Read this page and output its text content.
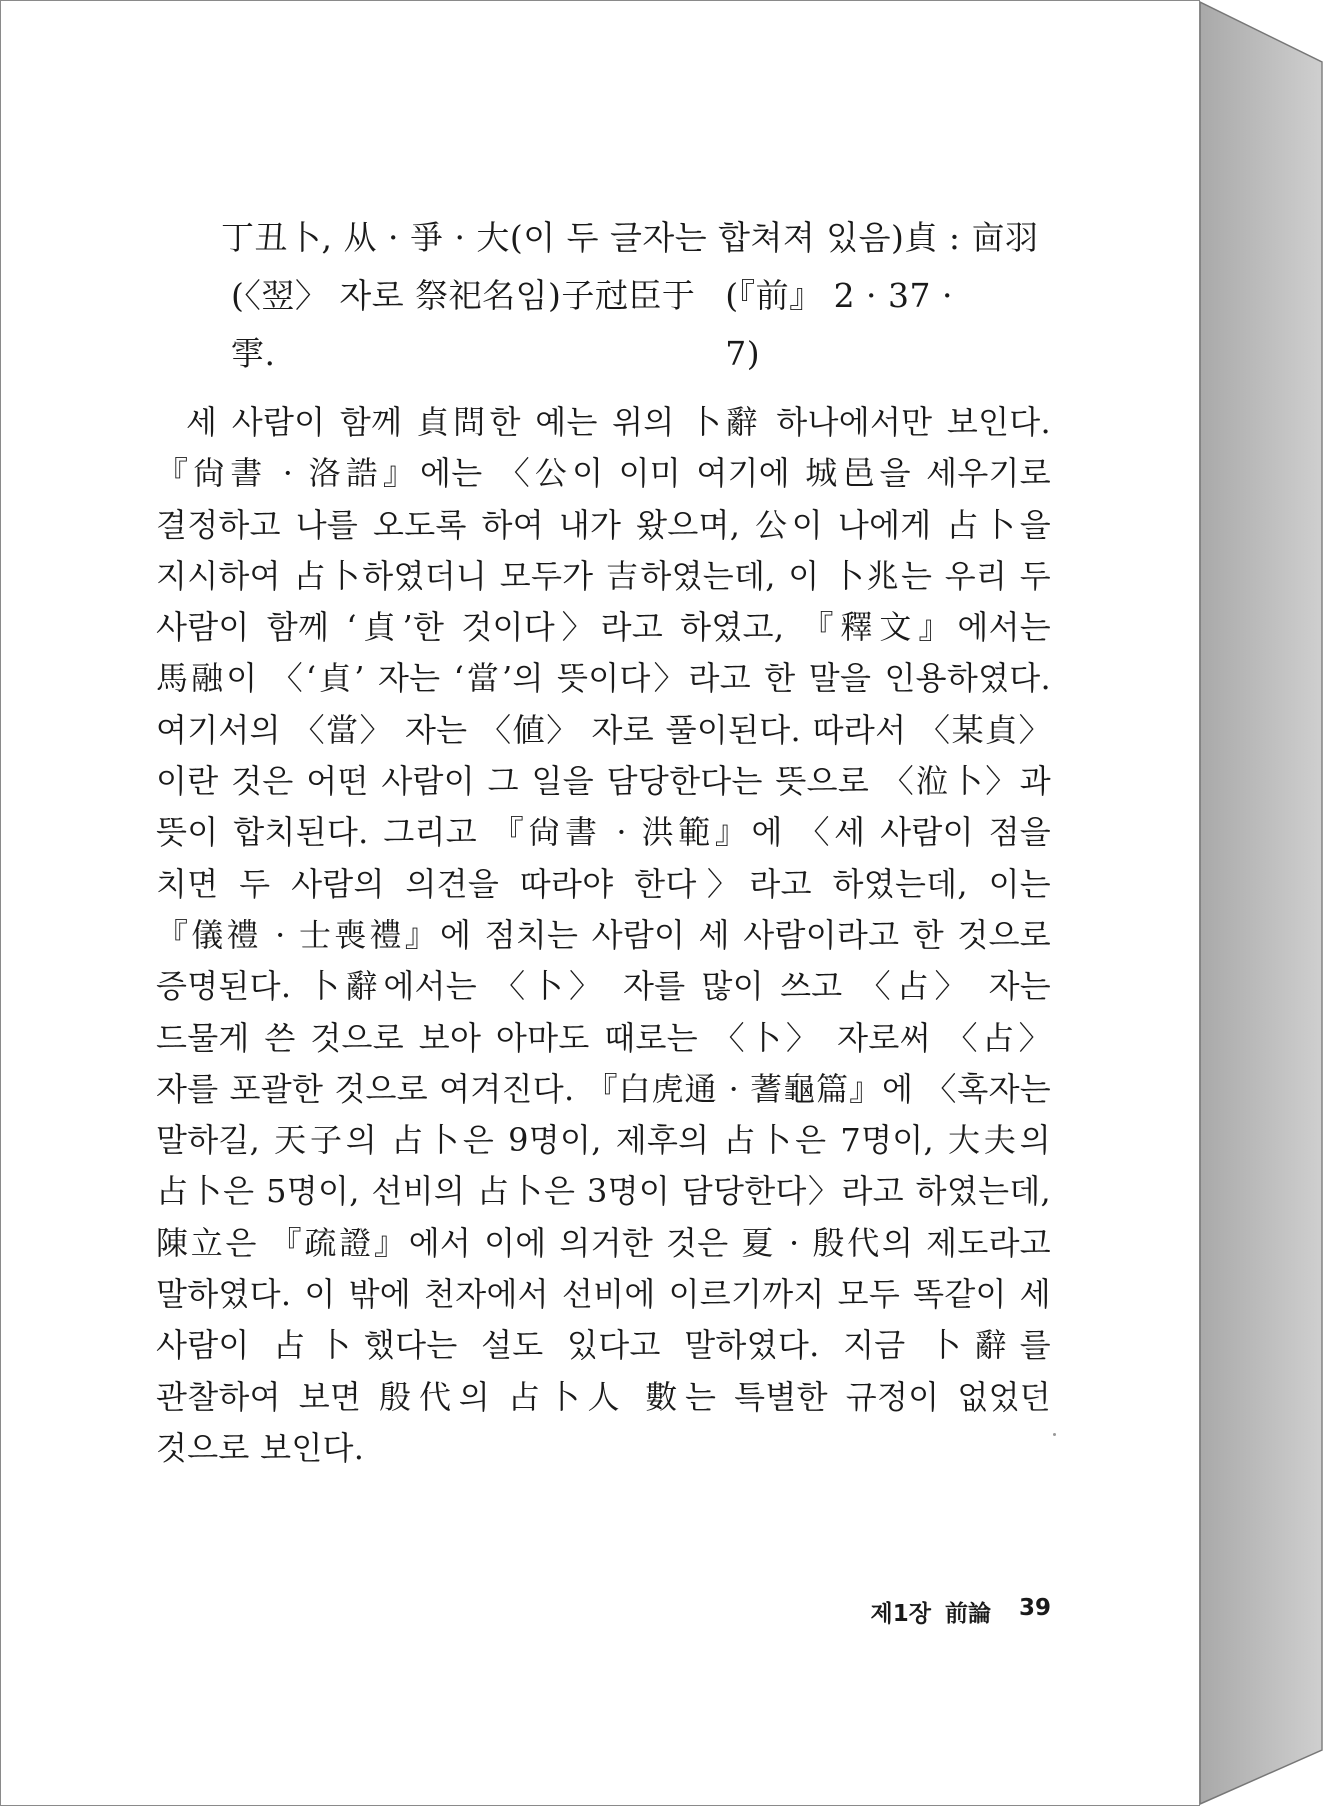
丁丑卜, 从 · 爭 · 大(이 두 글자는 합쳐져 있음)貞 : 㐭羽
(〈翌〉 자로 祭祀名임)子㝴臣于𩁹.
(『前』 2 · 37 · 7)

세 사람이 함께 貞問한 예는 위의 卜辭 하나에서만 보인다. 『尙書 · 洛誥』에는 〈公이 이미 여기에 城邑을 세우기로 결정하고 나를 오도록 하여 내가 왔으며, 公이 나에게 占卜을 지시하여 占卜하였더니 모두가 吉하였는데, 이 卜兆는 우리 두 사람이 함께 ‘貞’한 것이다〉라고 하였고, 『釋文』에서는 馬融이 〈‘貞’ 자는 ‘當’의 뜻이다〉라고 한 말을 인용하였다. 여기서의 〈當〉 자는 〈値〉 자로 풀이된다. 따라서 〈某貞〉이란 것은 어떤 사람이 그 일을 담당한다는 뜻으로 〈涖卜〉과 뜻이 합치된다. 그리고 『尙書 · 洪範』에 〈세 사람이 점을 치면 두 사람의 의견을 따라야 한다〉라고 하였는데, 이는 『儀禮 · 士喪禮』에 점치는 사람이 세 사람이라고 한 것으로 증명된다. 卜辭에서는 〈卜〉 자를 많이 쓰고 〈占〉 자는 드물게 쓴 것으로 보아 아마도 때로는 〈卜〉 자로써 〈占〉 자를 포괄한 것으로 여겨진다. 『白虎通 · 蓍龜篇』에 〈혹자는 말하길, 天子의 占卜은 9명이, 제후의 占卜은 7명이, 大夫의 占卜은 5명이, 선비의 占卜은 3명이 담당한다〉라고 하였는데, 陳立은 『疏證』에서 이에 의거한 것은 夏 · 殷代의 제도라고 말하였다. 이 밖에 천자에서 선비에 이르기까지 모두 똑같이 세 사람이 占卜했다는 설도 있다고 말하였다. 지금 卜辭를 관찰하여 보면 殷代의 占卜人 數는 특별한 규정이 없었던 것으로 보인다.

제1장 前論 39
